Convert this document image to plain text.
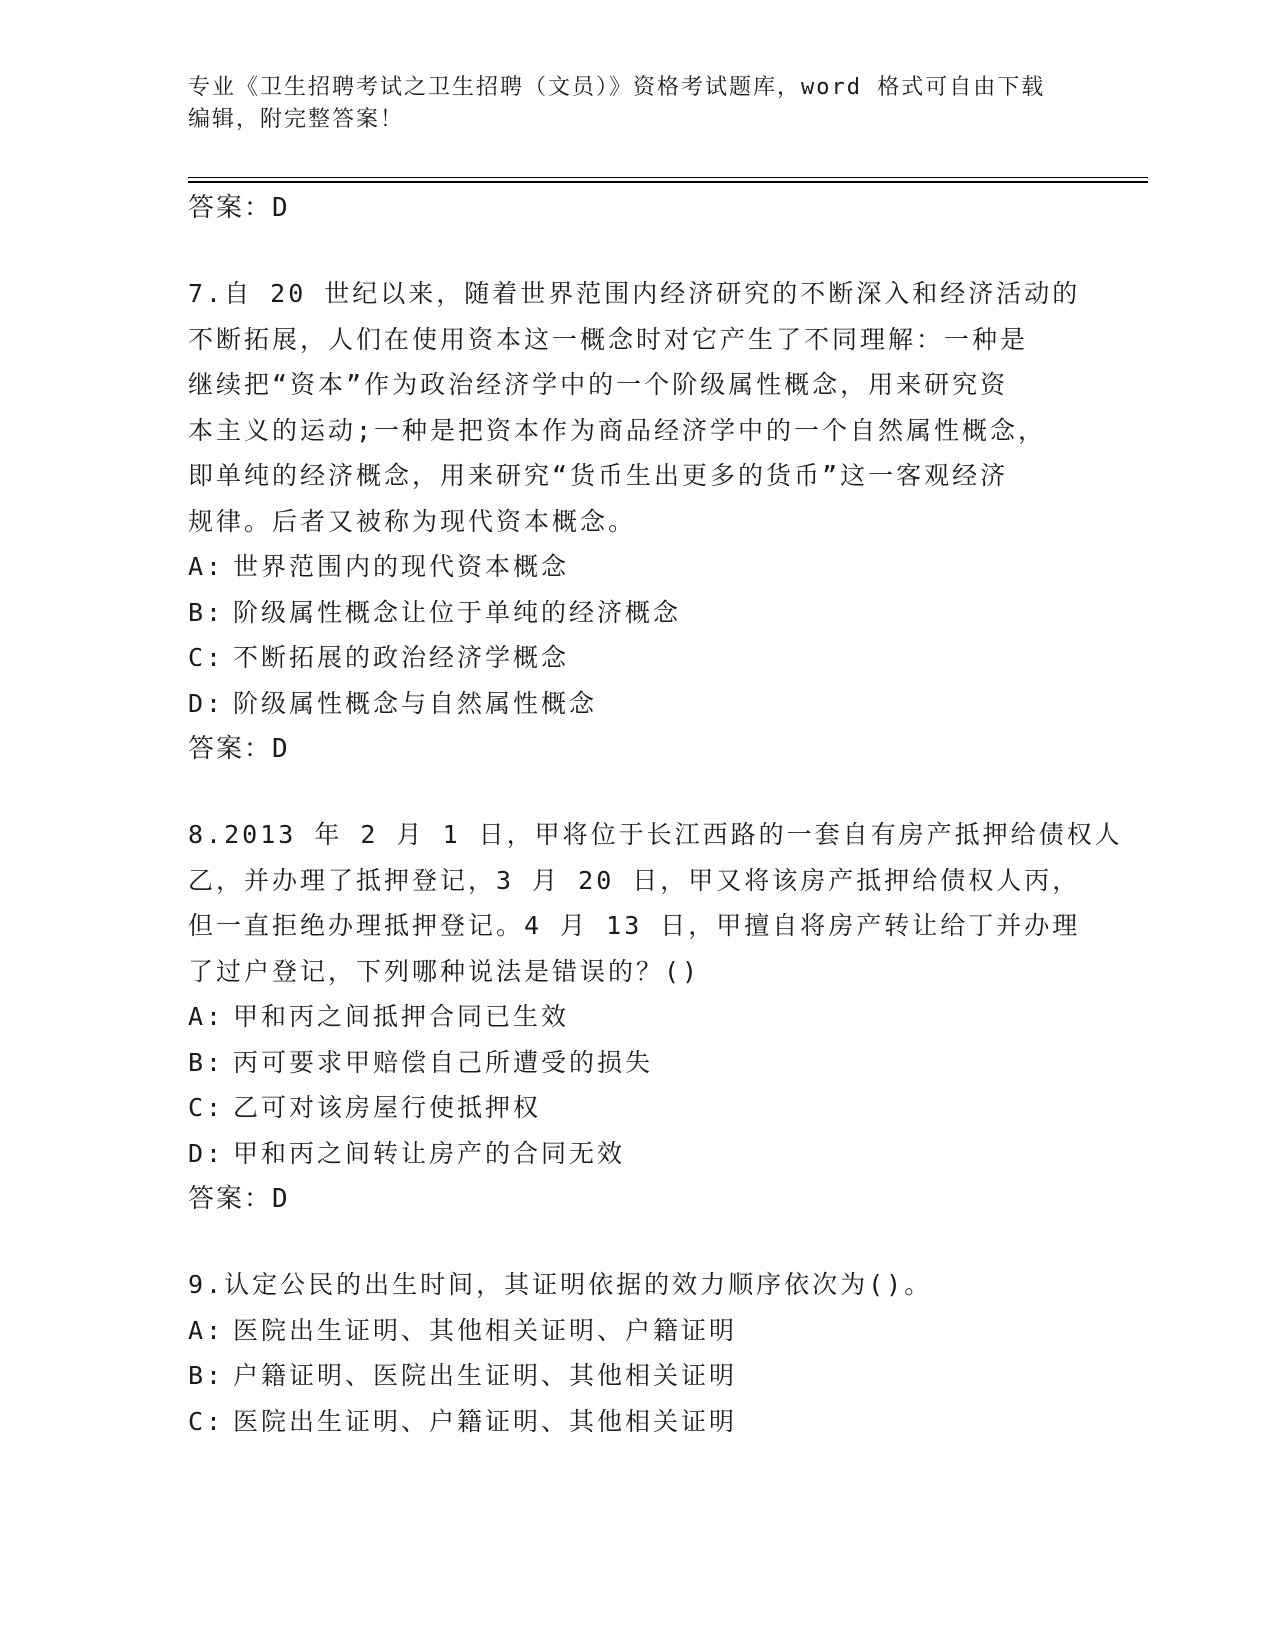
专业《卫生招聘考试之卫生招聘（文员）》资格考试题库，word 格式可自由下载
编辑，附完整答案！
答案：D
7.自 20 世纪以来，随着世界范围内经济研究的不断深入和经济活动的
不断拓展，人们在使用资本这一概念时对它产生了不同理解：一种是
继续把“资本”作为政治经济学中的一个阶级属性概念，用来研究资
本主义的运动;一种是把资本作为商品经济学中的一个自然属性概念，
即单纯的经济概念，用来研究“货币生出更多的货币”这一客观经济
规律。后者又被称为现代资本概念。
A: 世界范围内的现代资本概念
B: 阶级属性概念让位于单纯的经济概念
C: 不断拓展的政治经济学概念
D: 阶级属性概念与自然属性概念
答案：D
8.2013 年 2 月 1 日，甲将位于长江西路的一套自有房产抵押给债权人
乙，并办理了抵押登记，3 月 20 日，甲又将该房产抵押给债权人丙，
但一直拒绝办理抵押登记。4 月 13 日，甲擅自将房产转让给丁并办理
了过户登记，下列哪种说法是错误的？()
A: 甲和丙之间抵押合同已生效
B: 丙可要求甲赔偿自己所遭受的损失
C: 乙可对该房屋行使抵押权
D: 甲和丙之间转让房产的合同无效
答案：D
9.认定公民的出生时间，其证明依据的效力顺序依次为()。
A: 医院出生证明、其他相关证明、户籍证明
B: 户籍证明、医院出生证明、其他相关证明
C: 医院出生证明、户籍证明、其他相关证明
